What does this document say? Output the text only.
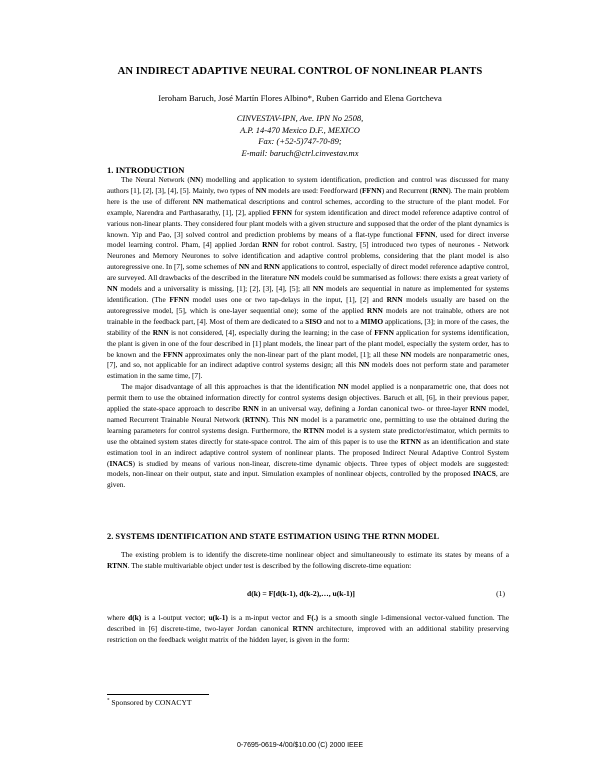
AN INDIRECT ADAPTIVE NEURAL CONTROL OF NONLINEAR PLANTS
Ieroham Baruch, José Martín Flores Albino*, Ruben Garrido and Elena Gortcheva
CINVESTAV-IPN, Ave. IPN No 2508,
A.P. 14-470 Mexico D.F., MEXICO
Fax: (+52-5)747-70-89;
E-mail: baruch@ctrl.cinvestav.mx
1. INTRODUCTION

The Neural Network (NN) modelling and application to system identification, prediction and control was discussed for many authors [1], [2], [3], [4], [5]. Mainly, two types of NN models are used: Feedforward (FFNN) and Recurrent (RNN). The main problem here is the use of different NN mathematical descriptions and control schemes, according to the structure of the plant model. For example, Narendra and Parthasarathy, [1], [2], applied FFNN for system identification and direct model reference adaptive control of various non-linear plants. They considered four plant models with a given structure and supposed that the order of the plant dynamics is known. Yip and Pao, [3] solved control and prediction problems by means of a flat-type functional FFNN, used for direct inverse model learning control. Pham, [4] applied Jordan RNN for robot control. Sastry, [5] introduced two types of neurones - Network Neurones and Memory Neurones to solve identification and adaptive control problems, considering that the plant model is also autoregressive one. In [7], some schemes of NN and RNN applications to control, especially of direct model reference adaptive control, are surveyed. All drawbacks of the described in the literature NN models could be summarised as follows: there exists a great variety of NN models and a universality is missing, [1]; [2], [3], [4], [5]; all NN models are sequential in nature as implemented for systems identification. (The FFNN model uses one or two tap-delays in the input, [1], [2] and RNN models usually are based on the autoregressive model, [5], which is one-layer sequential one); some of the applied RNN models are not trainable, others are not trainable in the feedback part, [4]. Most of them are dedicated to a SISO and not to a MIMO applications, [3]; in more of the cases, the stability of the RNN is not considered, [4], especially during the learning; in the case of FFNN application for systems identification, the plant is given in one of the four described in [1] plant models, the linear part of the plant model, especially the system order, has to be known and the FFNN approximates only the non-linear part of the plant model, [1]; all these NN models are nonparametric ones, [7], and so, not applicable for an indirect adaptive control systems design; all this NN models does not perform state and parameter estimation in the same time, [7].

The major disadvantage of all this approaches is that the identification NN model applied is a nonparametric one, that does not permit them to use the obtained information directly for control systems design objectives. Baruch et all, [6], in their previous paper, applied the state-space approach to describe RNN in an universal way, defining a Jordan canonical two- or three-layer RNN model, named Recurrent Trainable Neural Network (RTNN). This NN model is a parametric one, permitting to use the obtained during the learning parameters for control systems design. Furthermore, the RTNN model is a system state predictor/estimator, which permits to use the obtained system states directly for state-space control. The aim of this paper is to use the RTNN as an identification and state estimation tool in an indirect adaptive control system of nonlinear plants. The proposed Indirect Neural Adaptive Control System (INACS) is studied by means of various non-linear, discrete-time dynamic objects. Three types of object models are suggested: models, non-linear on their output, state and input. Simulation examples of nonlinear objects, controlled by the proposed INACS, are given.

2. SYSTEMS IDENTIFICATION AND STATE ESTIMATION USING THE RTNN MODEL

The existing problem is to identify the discrete-time nonlinear object and simultaneously to estimate its states by means of a RTNN. The stable multivariable object under test is described by the following discrete-time equation:

d(k) = F[d(k-1), d(k-2),…, u(k-1)]	(1)

where d(k) is a l-output vector; u(k-1) is a m-input vector and F(.) is a smooth single l-dimensional vector-valued function. The described in [6] discrete-time, two-layer Jordan canonical RTNN architecture, improved with an additional stability preserving restriction on the feedback weight matrix of the hidden layer, is given in the form:

* Sponsored by CONACYT
0-7695-0619-4/00/$10.00 (C) 2000 IEEE
